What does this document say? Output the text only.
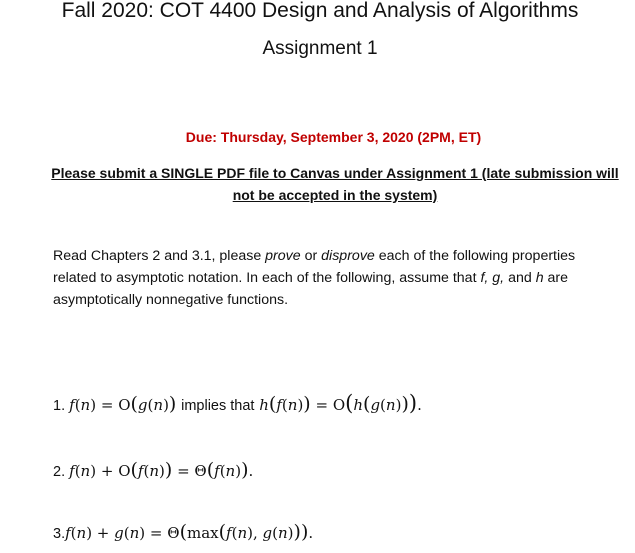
Fall 2020: COT 4400 Design and Analysis of Algorithms
Assignment 1
Due: Thursday, September 3, 2020 (2PM, ET)
Please submit a SINGLE PDF file to Canvas under Assignment 1 (late submission will not be accepted in the system)
Read Chapters 2 and 3.1, please prove or disprove each of the following properties related to asymptotic notation. In each of the following, assume that f, g, and h are asymptotically nonnegative functions.
1. f(n) = O(g(n)) implies that h(f(n)) = O(h(g(n))).
2. f(n) + O(f(n)) = Θ(f(n)).
3.f(n) + g(n) = Θ(max(f(n), g(n))).
